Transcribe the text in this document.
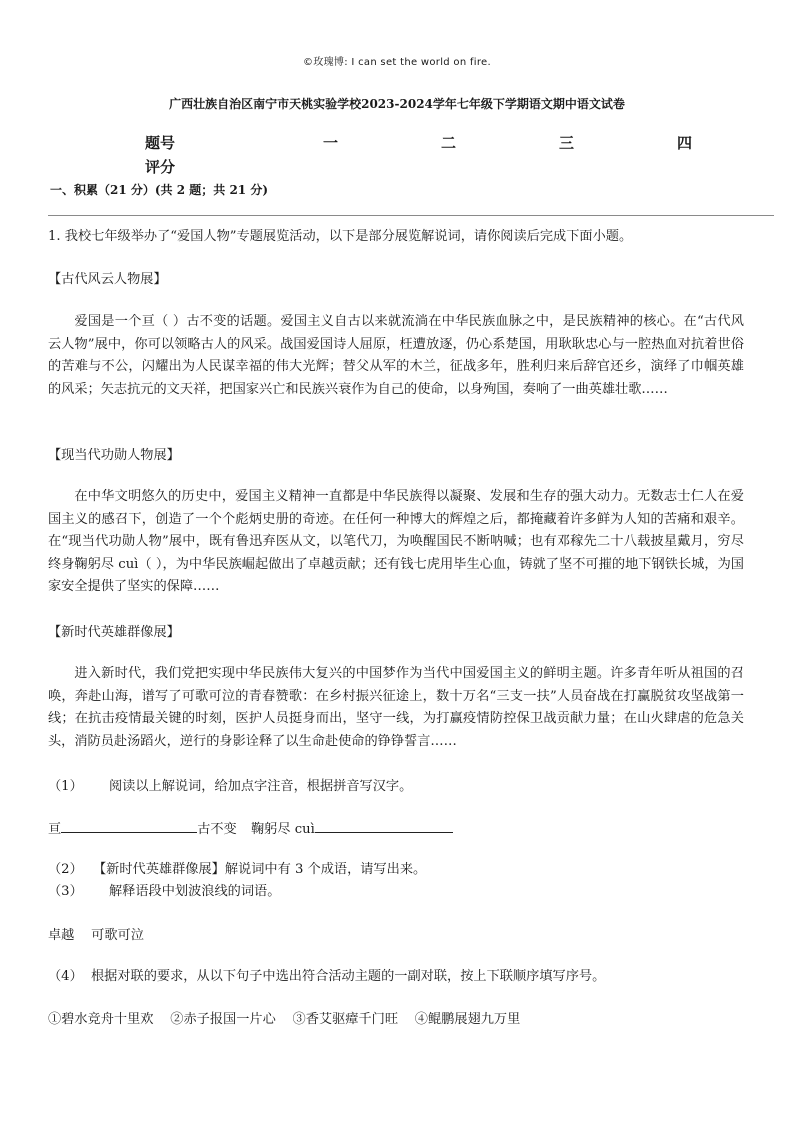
©玫瑰博: I can set the world on fire.
广西壮族自治区南宁市天桃实验学校2023-2024学年七年级下学期语文期中语文试卷
题号	一	二	三	四
评分
一、积累（21 分）(共 2 题；共 21 分)
1. 我校七年级举办了“爱国人物”专题展览活动，以下是部分展览解说词，请你阅读后完成下面小题。
【古代风云人物展】
爱国是一个亘（ ）古不变的话题。爱国主义自古以来就流淌在中华民族血脉之中，是民族精神的核心。在“古代风云人物”展中，你可以领略古人的风采。战国爱国诗人屈原，枉遭放逐，仍心系楚国，用耿耿忠心与一腔热血对抗着世俗的苦难与不公，闪耀出为人民谋幸福的伟大光辉；替父从军的木兰，征战多年，胜利归来后辞官还乡，演绎了巾帼英雄的风采；矢志抗元的文天祥，把国家兴亡和民族兴衰作为自己的使命，以身殉国，奏响了一曲英雄壮歌……
【现当代功勋人物展】
在中华文明悠久的历史中，爱国主义精神一直都是中华民族得以凝聚、发展和生存的强大动力。无数志士仁人在爱国主义的感召下，创造了一个个彪炳史册的奇迹。在任何一种博大的辉煌之后，都掩藏着许多鲜为人知的苦痛和艰辛。在“现当代功勋人物”展中，既有鲁迅弃医从文，以笔代刀，为唤醒国民不断呐喊；也有邓稼先二十八载披星戴月，穷尽终身鞠躬尽 cuì（ ），为中华民族崛起做出了卓越贡献；还有钱七虎用毕生心血，铸就了坚不可摧的地下钢铁长城，为国家安全提供了坚实的保障……
【新时代英雄群像展】
进入新时代，我们党把实现中华民族伟大复兴的中国梦作为当代中国爱国主义的鲜明主题。许多青年听从祖国的召唤，奔赴山海，谱写了可歌可泣的青春赞歌：在乡村振兴征途上，数十万名“三支一扶”人员奋战在打赢脱贫攻坚战第一线；在抗击疫情最关键的时刻，医护人员挺身而出，坚守一线，为打赢疫情防控保卫战贡献力量；在山火肆虐的危急关头，消防员赴汤蹈火，逆行的身影诠释了以生命赴使命的铮铮誓言……
（1） 阅读以上解说词，给加点字注音，根据拼音写汉字。
亘	古不变 鞠躬尽 cuì
（2） 【新时代英雄群像展】解说词中有 3 个成语，请写出来。
（3） 解释语段中划波浪线的词语。
卓越    可歌可泣
（4） 根据对联的要求，从以下句子中选出符合活动主题的一副对联，按上下联顺序填写序号。
①碧水竞舟十里欢    ②赤子报国一片心    ③香艾驱瘴千门旺    ④鲲鹏展翅九万里
